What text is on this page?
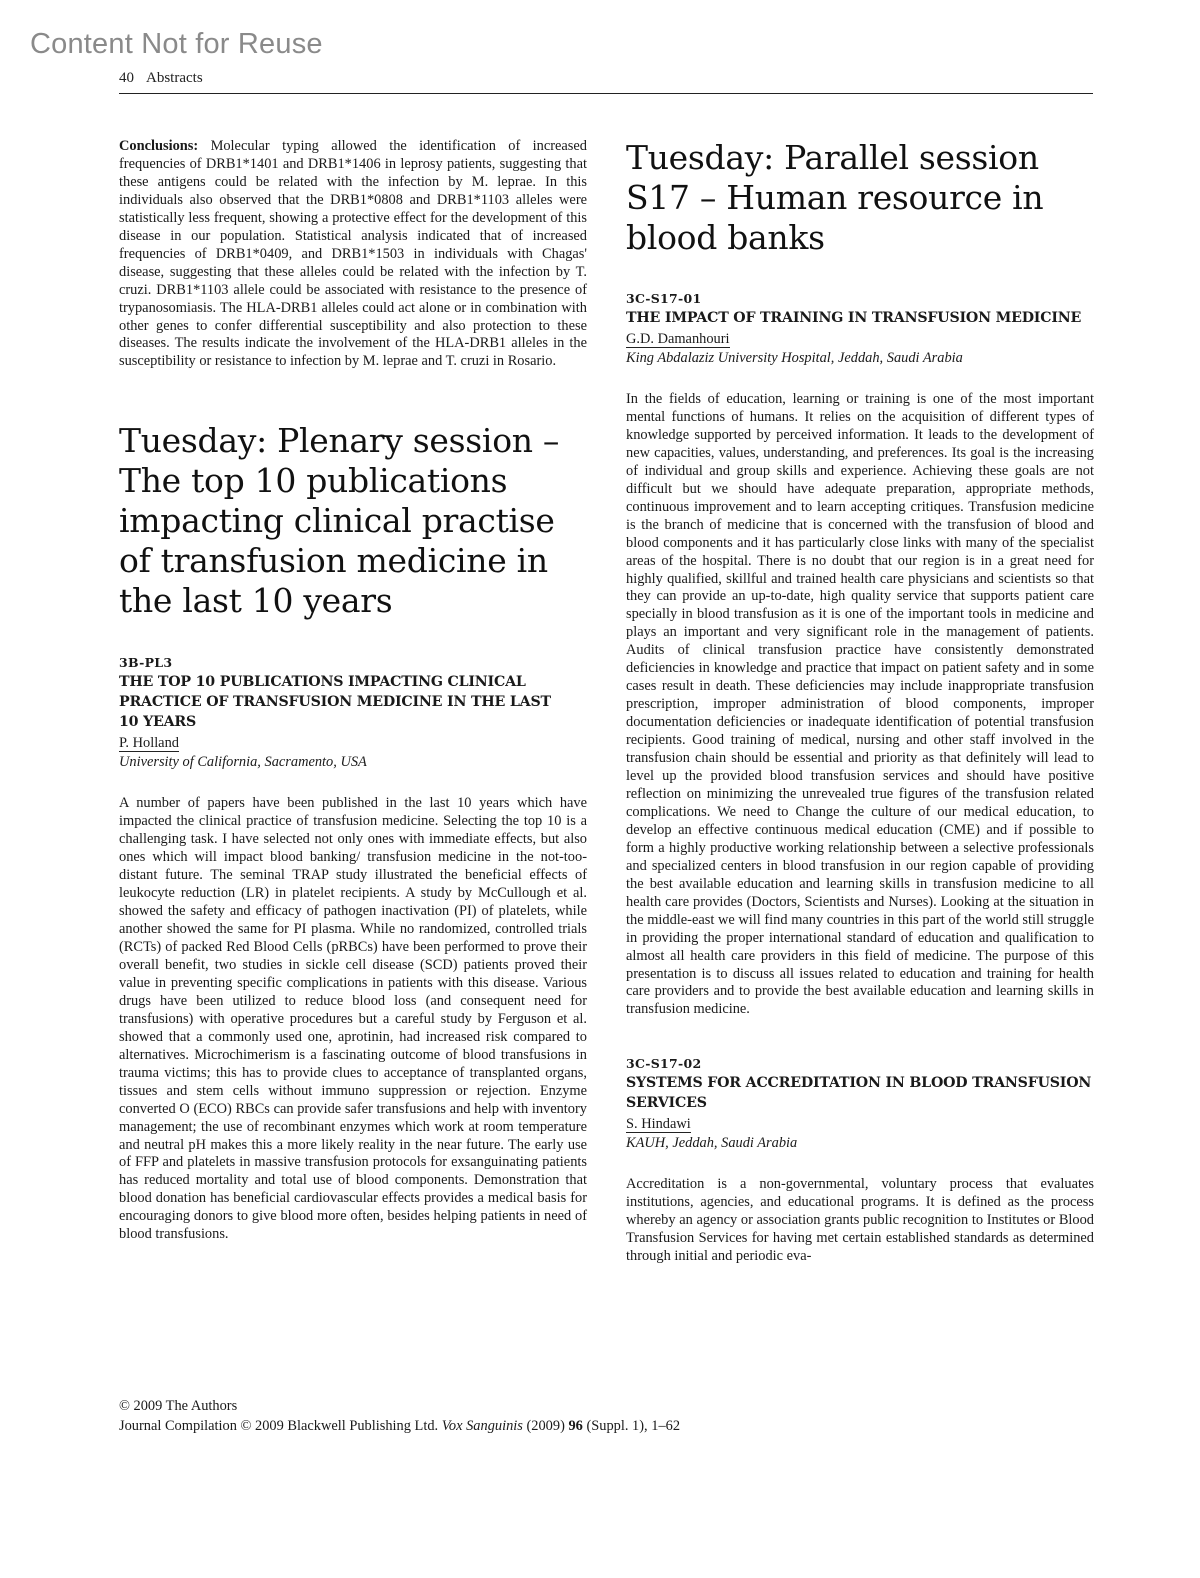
Content Not for Reuse
40 Abstracts

Conclusions: Molecular typing allowed the identification of increased frequencies of DRB1*1401 and DRB1*1406 in leprosy patients, suggesting that these antigens could be related with the infection by M. leprae. In this individuals also observed that the DRB1*0808 and DRB1*1103 alleles were statistically less frequent, showing a protective effect for the development of this disease in our population. Statistical analysis indicated that of increased frequencies of DRB1*0409, and DRB1*1503 in individuals with Chagas' disease, suggesting that these alleles could be related with the infection by T. cruzi. DRB1*1103 allele could be associated with resistance to the presence of trypanosomiasis. The HLA-DRB1 alleles could act alone or in combination with other genes to confer differential susceptibility and also protection to these diseases. The results indicate the involvement of the HLA-DRB1 alleles in the susceptibility or resistance to infection by M. leprae and T. cruzi in Rosario.

Tuesday: Plenary session – The top 10 publications impacting clinical practise of transfusion medicine in the last 10 years
3B-PL3
THE TOP 10 PUBLICATIONS IMPACTING CLINICAL PRACTICE OF TRANSFUSION MEDICINE IN THE LAST 10 YEARS
P. Holland
University of California, Sacramento, USA

A number of papers have been published in the last 10 years which have impacted the clinical practice of transfusion medicine. Selecting the top 10 is a challenging task. I have selected not only ones with immediate effects, but also ones which will impact blood banking/ transfusion medicine in the not-too-distant future. The seminal TRAP study illustrated the beneficial effects of leukocyte reduction (LR) in platelet recipients. A study by McCullough et al. showed the safety and efficacy of pathogen inactivation (PI) of platelets, while another showed the same for PI plasma. While no randomized, controlled trials (RCTs) of packed Red Blood Cells (pRBCs) have been performed to prove their overall benefit, two studies in sickle cell disease (SCD) patients proved their value in preventing specific complications in patients with this disease. Various drugs have been utilized to reduce blood loss (and consequent need for transfusions) with operative procedures but a careful study by Ferguson et al. showed that a commonly used one, aprotinin, had increased risk compared to alternatives. Microchimerism is a fascinating outcome of blood transfusions in trauma victims; this has to provide clues to acceptance of transplanted organs, tissues and stem cells without immuno suppression or rejection. Enzyme converted O (ECO) RBCs can provide safer transfusions and help with inventory management; the use of recombinant enzymes which work at room temperature and neutral pH makes this a more likely reality in the near future. The early use of FFP and platelets in massive transfusion protocols for exsanguinating patients has reduced mortality and total use of blood components. Demonstration that blood donation has beneficial cardiovascular effects provides a medical basis for encouraging donors to give blood more often, besides helping patients in need of blood transfusions.

Tuesday: Parallel session S17 – Human resource in blood banks
3C-S17-01
THE IMPACT OF TRAINING IN TRANSFUSION MEDICINE
G.D. Damanhouri
King Abdalaziz University Hospital, Jeddah, Saudi Arabia

In the fields of education, learning or training is one of the most important mental functions of humans. It relies on the acquisition of different types of knowledge supported by perceived information. It leads to the development of new capacities, values, understanding, and preferences. Its goal is the increasing of individual and group skills and experience. Achieving these goals are not difficult but we should have adequate preparation, appropriate methods, continuous improvement and to learn accepting critiques. Transfusion medicine is the branch of medicine that is concerned with the transfusion of blood and blood components and it has particularly close links with many of the specialist areas of the hospital. There is no doubt that our region is in a great need for highly qualified, skillful and trained health care physicians and scientists so that they can provide an up-to-date, high quality service that supports patient care specially in blood transfusion as it is one of the important tools in medicine and plays an important and very significant role in the management of patients. Audits of clinical transfusion practice have consistently demonstrated deficiencies in knowledge and practice that impact on patient safety and in some cases result in death. These deficiencies may include inappropriate transfusion prescription, improper administration of blood components, improper documentation deficiencies or inadequate identification of potential transfusion recipients. Good training of medical, nursing and other staff involved in the transfusion chain should be essential and priority as that definitely will lead to level up the provided blood transfusion services and should have positive reflection on minimizing the unrevealed true figures of the transfusion related complications. We need to Change the culture of our medical education, to develop an effective continuous medical education (CME) and if possible to form a highly productive working relationship between a selective professionals and specialized centers in blood transfusion in our region capable of providing the best available education and learning skills in transfusion medicine to all health care provides (Doctors, Scientists and Nurses). Looking at the situation in the middle-east we will find many countries in this part of the world still struggle in providing the proper international standard of education and qualification to almost all health care providers in this field of medicine. The purpose of this presentation is to discuss all issues related to education and training for health care providers and to provide the best available education and learning skills in transfusion medicine.

3C-S17-02
SYSTEMS FOR ACCREDITATION IN BLOOD TRANSFUSION SERVICES
S. Hindawi
KAUH, Jeddah, Saudi Arabia

Accreditation is a non-governmental, voluntary process that evaluates institutions, agencies, and educational programs. It is defined as the process whereby an agency or association grants public recognition to Institutes or Blood Transfusion Services for having met certain established standards as determined through initial and periodic eva-

© 2009 The Authors
Journal Compilation © 2009 Blackwell Publishing Ltd. Vox Sanguinis (2009) 96 (Suppl. 1), 1–62
